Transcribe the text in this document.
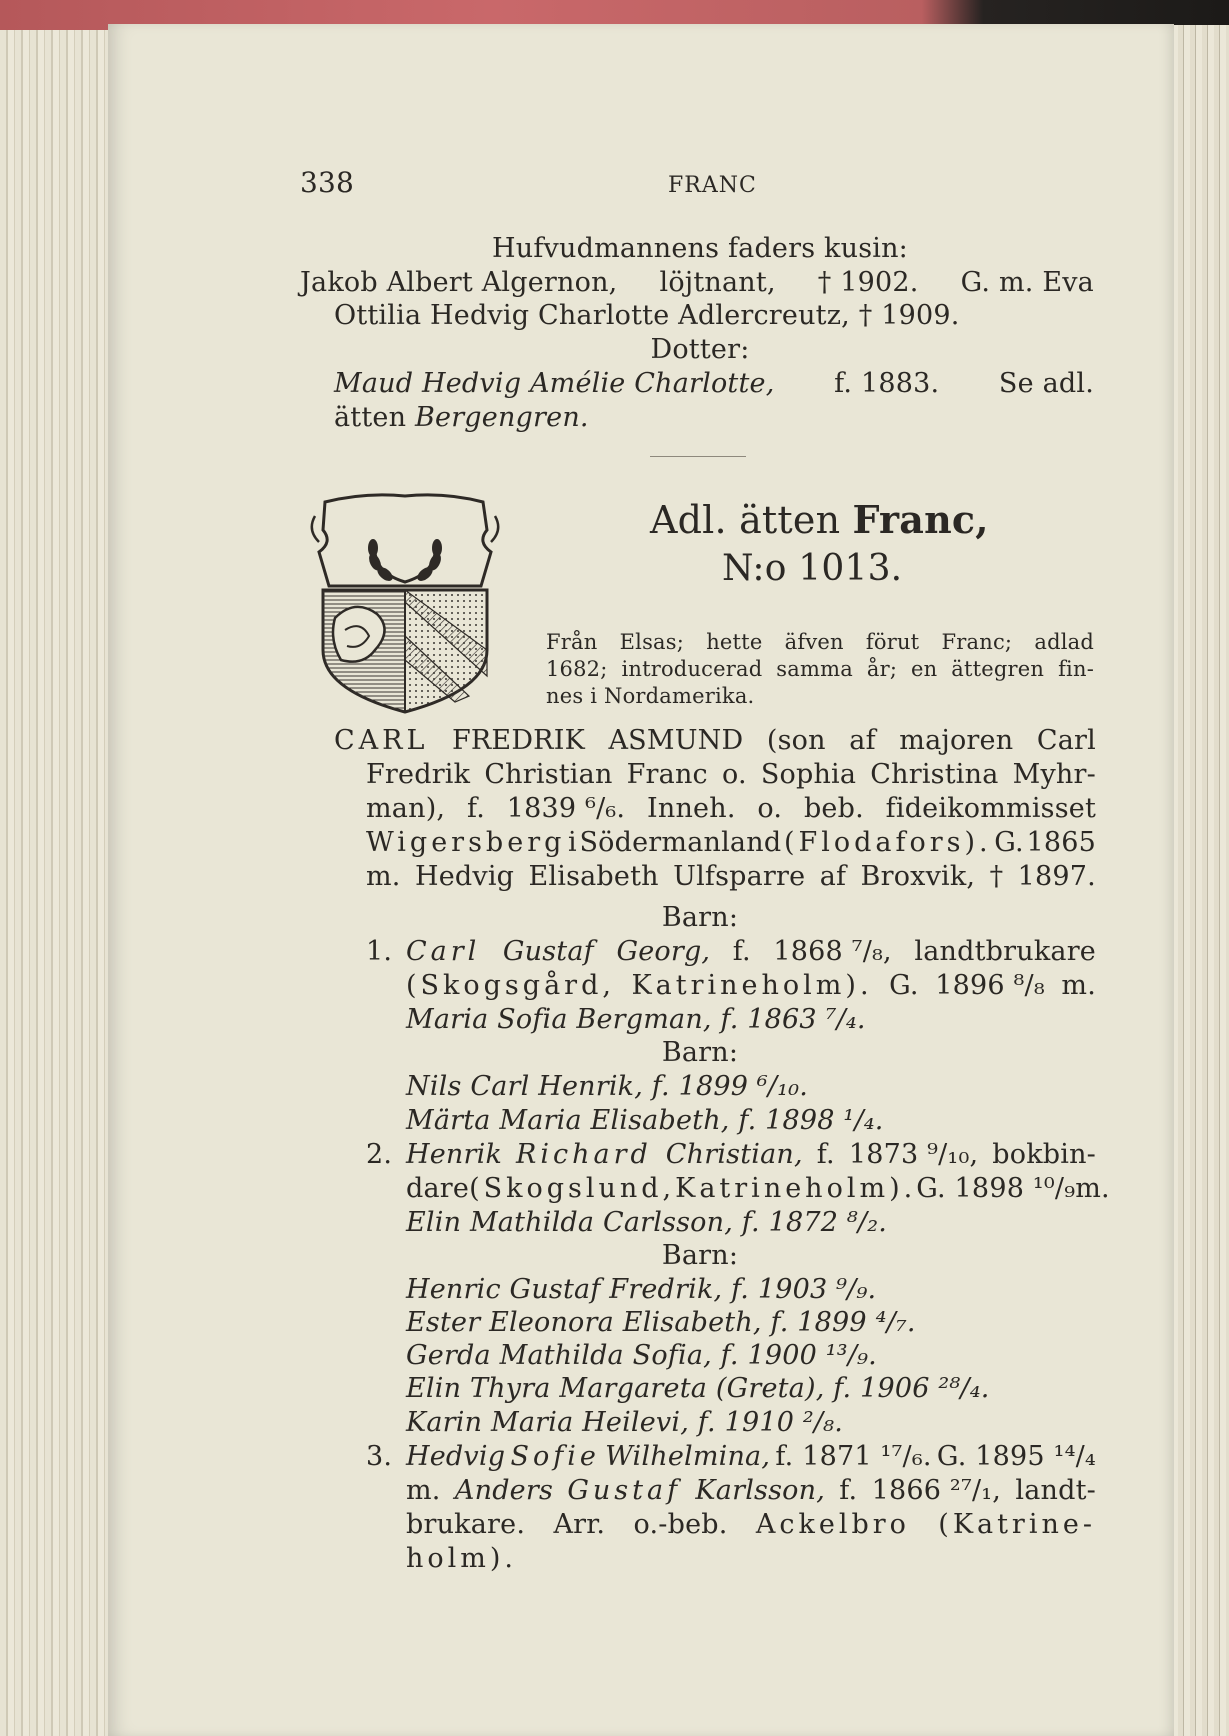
338	FRANC
Hufvudmannens faders kusin:
Jakob Albert Algernon, löjtnant, † 1902. G. m. Eva
Ottilia Hedvig Charlotte Adlercreutz, † 1909.
Dotter:
Maud Hedvig Amélie Charlotte, f. 1883. Se adl.
ätten Bergengren.
Adl. ätten Franc,
N:o 1013.
Från Elsas; hette äfven förut Franc; adlad
1682; introducerad samma år; en ättegren fin-
nes i Nordamerika.
CARL FREDRIK ASMUND (son af majoren Carl
Fredrik Christian Franc o. Sophia Christina Myhr-
man), f. 1839 ⁶/₆. Inneh. o. beb. fideikommisset
Wigersberg i Södermanland (Flodafors). G. 1865
m. Hedvig Elisabeth Ulfsparre af Broxvik, † 1897.
Barn:
1. Carl Gustaf Georg, f. 1868 ⁷/₈, landtbrukare
(Skogsgård, Katrineholm). G. 1896 ⁸/₈ m.
Maria Sofia Bergman, f. 1863 ⁷/₄.
Barn:
Nils Carl Henrik, f. 1899 ⁶/₁₀.
Märta Maria Elisabeth, f. 1898 ¹/₄.
2. Henrik Richard Christian, f. 1873 ⁹/₁₀, bokbin-
dare (Skogslund, Katrineholm). G. 1898 ¹⁰/₉ m.
Elin Mathilda Carlsson, f. 1872 ⁸/₂.
Barn:
Henric Gustaf Fredrik, f. 1903 ⁹/₉.
Ester Eleonora Elisabeth, f. 1899 ⁴/₇.
Gerda Mathilda Sofia, f. 1900 ¹³/₉.
Elin Thyra Margareta (Greta), f. 1906 ²⁸/₄.
Karin Maria Heilevi, f. 1910 ²/₈.
3. Hedvig Sofie Wilhelmina, f. 1871 ¹⁷/₆. G. 1895 ¹⁴/₄
m. Anders Gustaf Karlsson, f. 1866 ²⁷/₁, landt-
brukare. Arr. o.-beb. Ackelbro (Katrine-
holm).
